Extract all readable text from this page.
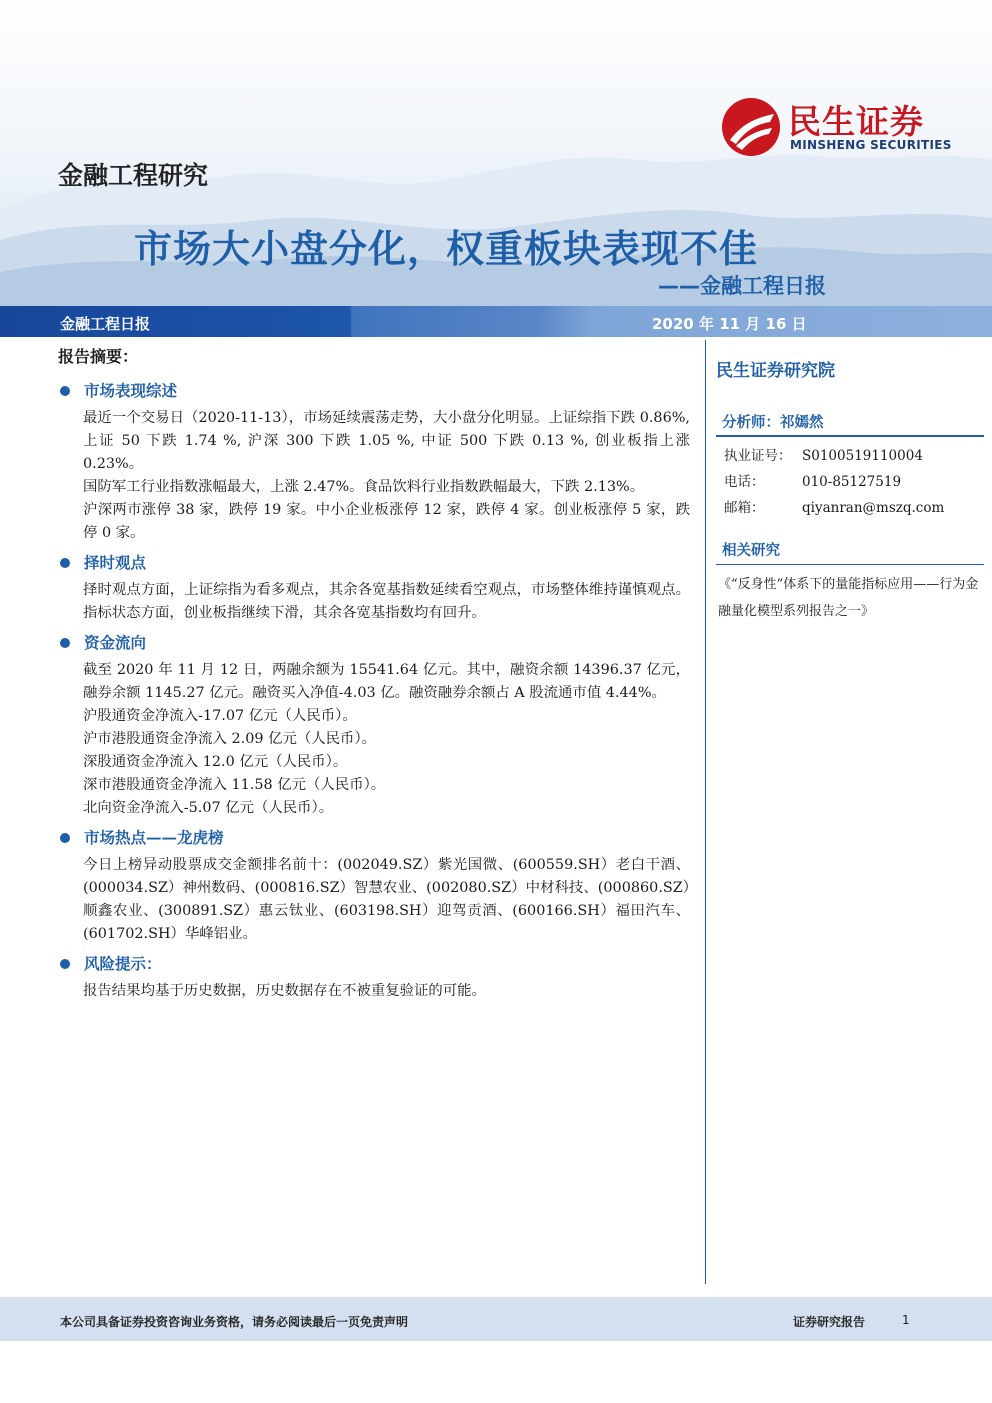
民生证券
MINSHENG SECURITIES
金融工程研究
市场大小盘分化，权重板块表现不佳
——金融工程日报
金融工程日报	2020 年 11 月 16 日
报告摘要：
市场表现综述

最近一个交易日（2020-11-13），市场延续震荡走势，大小盘分化明显。上证综指下跌 0.86%, 上证 50 下跌 1.74 %, 沪深 300 下跌 1.05 %, 中证 500 下跌 0.13 %, 创业板指上涨 0.23%。

国防军工行业指数涨幅最大，上涨 2.47%。食品饮料行业指数跌幅最大，下跌 2.13%。

沪深两市涨停 38 家，跌停 19 家。中小企业板涨停 12 家，跌停 4 家。创业板涨停 5 家，跌停 0 家。

择时观点

择时观点方面，上证综指为看多观点，其余各宽基指数延续看空观点，市场整体维持谨慎观点。指标状态方面，创业板指继续下滑，其余各宽基指数均有回升。

资金流向

截至 2020 年 11 月 12 日，两融余额为 15541.64 亿元。其中，融资余额 14396.37 亿元，融券余额 1145.27 亿元。融资买入净值-4.03 亿。融资融券余额占 A 股流通市值 4.44%。

沪股通资金净流入-17.07 亿元（人民币）。

沪市港股通资金净流入 2.09 亿元（人民币）。

深股通资金净流入 12.0 亿元（人民币）。

深市港股通资金净流入 11.58 亿元（人民币）。

北向资金净流入-5.07 亿元（人民币）。

市场热点——龙虎榜

今日上榜异动股票成交金额排名前十：(002049.SZ）紫光国微、(600559.SH）老白干酒、(000034.SZ）神州数码、(000816.SZ）智慧农业、(002080.SZ）中材科技、(000860.SZ）顺鑫农业、(300891.SZ）惠云钛业、(603198.SH）迎驾贡酒、(600166.SH）福田汽车、(601702.SH）华峰铝业。

风险提示：

报告结果均基于历史数据，历史数据存在不被重复验证的可能。

民生证券研究院
分析师：祁嫣然
执业证号： S0100519110004
电话：	010-85127519
邮箱：	qiyanran@mszq.com
相关研究
《“反身性”体系下的量能指标应用——行为金融量化模型系列报告之一》
本公司具备证券投资咨询业务资格，请务必阅读最后一页免责声明	证券研究报告	1
